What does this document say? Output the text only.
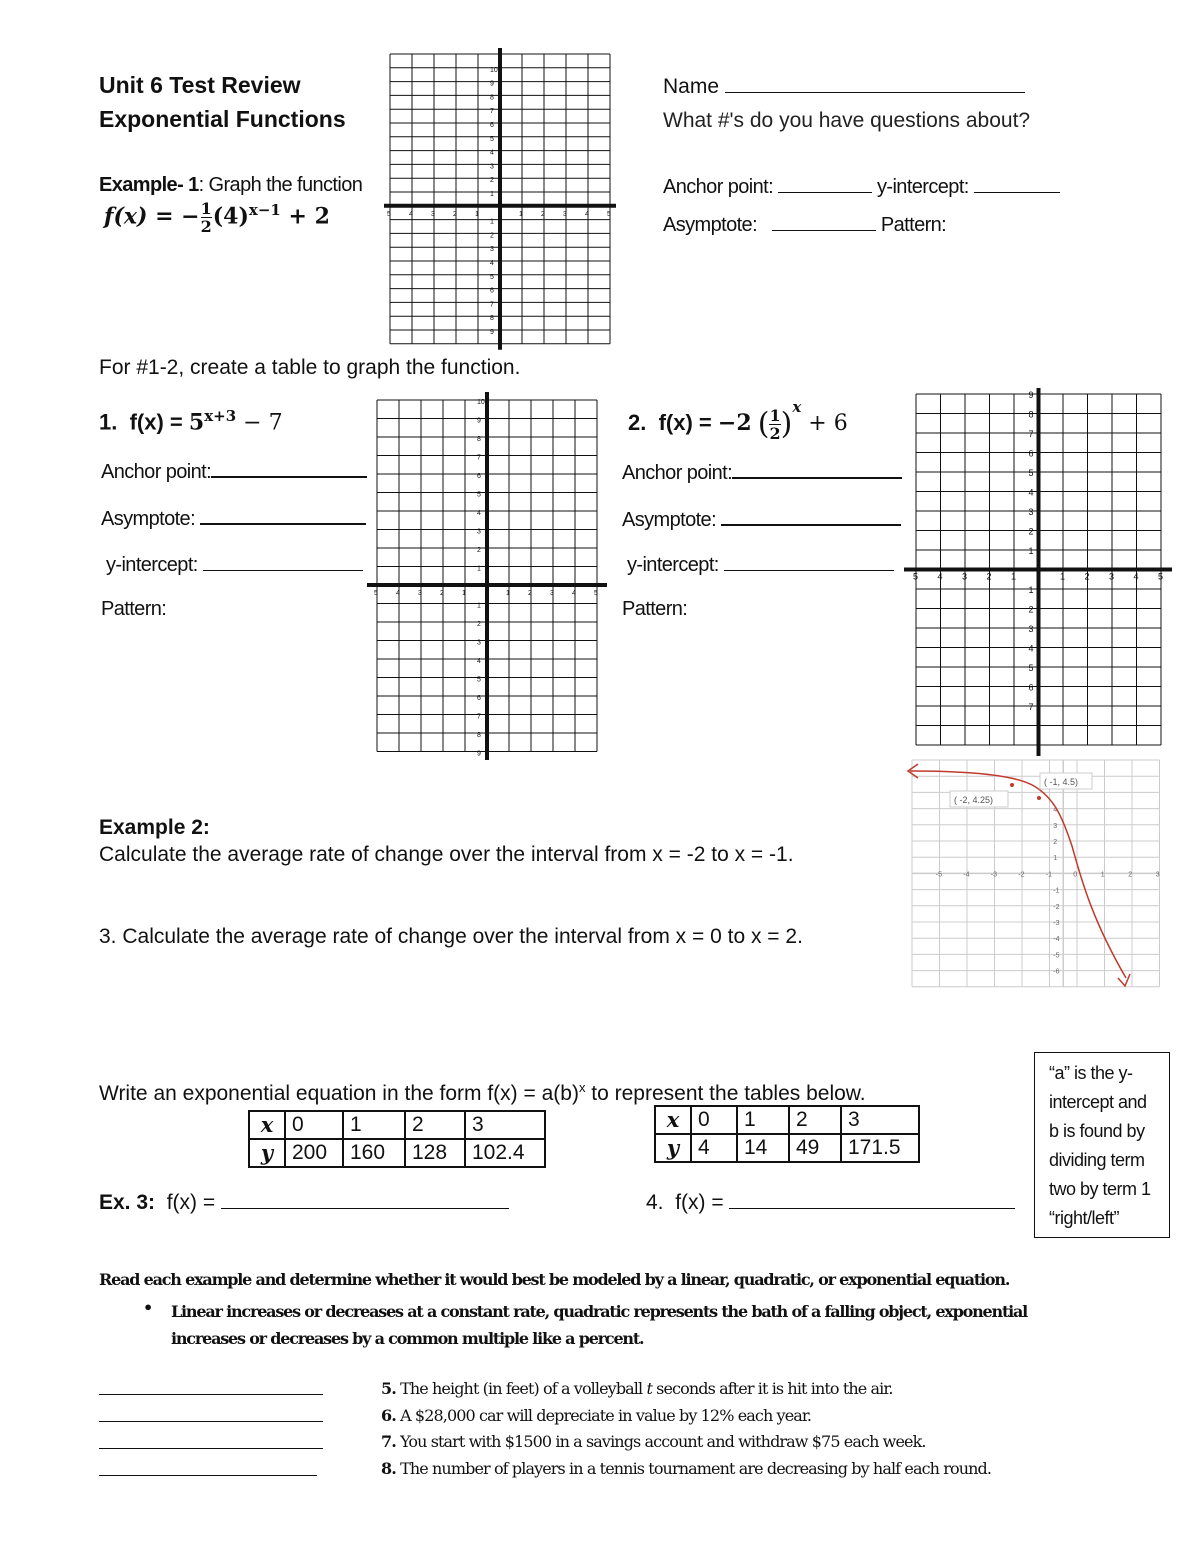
Unit 6 Test Review
Exponential Functions
Name
What #'s do you have questions about?
Example- 1: Graph the function
f(x) = − $\frac{1}{2} (4)^{x-1} + 2$
Anchor point:	y-intercept:
Asymptote:	Pattern:
5	4	3	2	1	1	2	3	4	5
10
9
8
7
6
5
4
3
2
1
1
2
3
4
5
6
7
8
9
For #1-2, create a table to graph the function.
1. $f(x) = 5^{x+3} - 7$
Anchor point:
Asymptote:
y-intercept:
Pattern:
5	4	3	2	1	1	2	3	4	5
10
9
8
7
6
5
4
3
2
1
1
2
3
4
5
6
7
8
9
2. f(x) = −2 ( $\frac{1}{2} )^x + 6$
Anchor point:
Asymptote:
y-intercept:
Pattern:
5 4 3 2 1	1 2 3 4 5
9
8
7
6
5
4
3
2
1
1
2
3
4
5
6
7
4
3
2
1
-1
-2
-3
-4
-5
-6
-5	-4	-3	-2	-1	0	1	2	3
( -2, 4.25)
( -1, 4.5)
Example 2:
Calculate the average rate of change over the interval from x = -2 to x = -1.
3. Calculate the average rate of change over the interval from x = 0 to x = 2.
Write an exponential equation in the form $f(x) = a(b)^x$ to represent the tables below.
x	0	1	2	3
y	200	160	128	102.4
x	0	1	2	3
y	4	14	49	171.5
Ex. 3: f(x) =	4. f(x) =
“a” is the y-intercept and b is found by dividing term two by term 1 “right/left”
Read each example and determine whether it would best be modeled by a linear, quadratic, or exponential equation.
•	Linear increases or decreases at a constant rate, quadratic represents the bath of a falling object, exponential increases or decreases by a common multiple like a percent.
5. The height (in feet) of a volleyball t seconds after it is hit into the air.
6. A $28,000 car will depreciate in value by 12% each year.
7. You start with $1500 in a savings account and withdraw $75 each week.
8. The number of players in a tennis tournament are decreasing by half each round.
